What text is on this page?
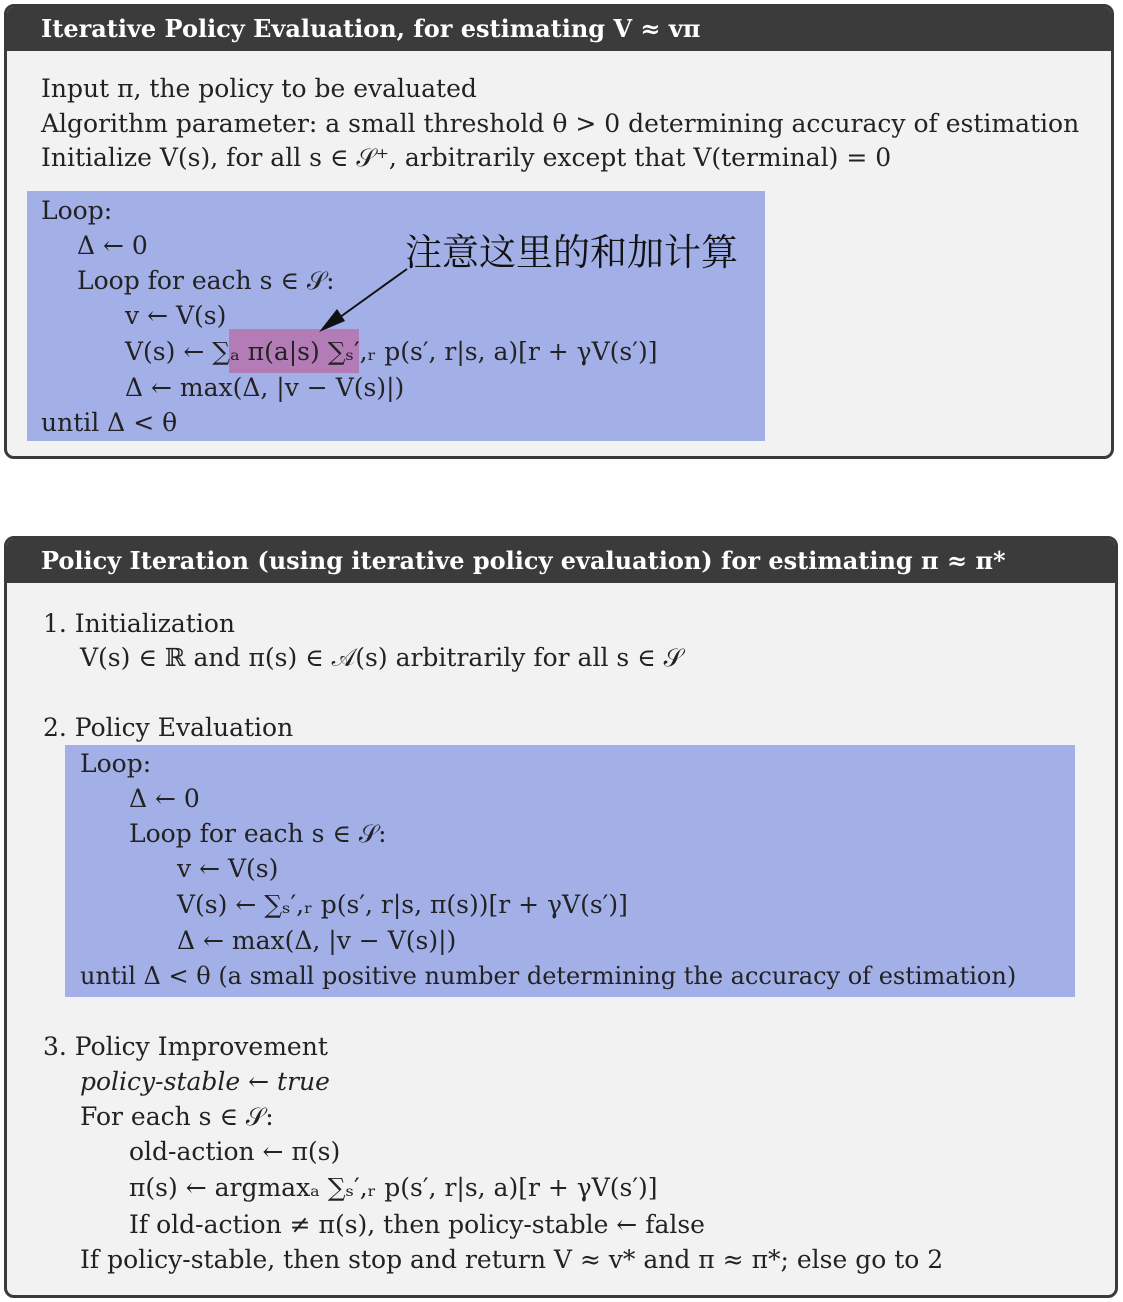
Iterative Policy Evaluation, for estimating V ≈ vπ
Input π, the policy to be evaluated
Algorithm parameter: a small threshold θ > 0 determining accuracy of estimation
Initialize V(s), for all s ∈ 𝒮⁺, arbitrarily except that V(terminal) = 0
Loop:
Δ ← 0
Loop for each s ∈ 𝒮:
v ← V(s)
V(s) ← ∑ₐ π(a|s) ∑ₛ′,ᵣ p(s′, r|s, a)[r + γV(s′)]
Δ ← max(Δ, |v − V(s)|)
until Δ < θ
注意这里的和加计算
Policy Iteration (using iterative policy evaluation) for estimating π ≈ π*
1. Initialization
V(s) ∈ ℝ and π(s) ∈ 𝒜(s) arbitrarily for all s ∈ 𝒮
2. Policy Evaluation
Loop:
Δ ← 0
Loop for each s ∈ 𝒮:
v ← V(s)
V(s) ← ∑ₛ′,ᵣ p(s′, r|s, π(s))[r + γV(s′)]
Δ ← max(Δ, |v − V(s)|)
until Δ < θ (a small positive number determining the accuracy of estimation)
3. Policy Improvement
policy-stable ← true
For each s ∈ 𝒮:
old-action ← π(s)
π(s) ← argmaxₐ ∑ₛ′,ᵣ p(s′, r|s, a)[r + γV(s′)]
If old-action ≠ π(s), then policy-stable ← false
If policy-stable, then stop and return V ≈ v* and π ≈ π*; else go to 2
